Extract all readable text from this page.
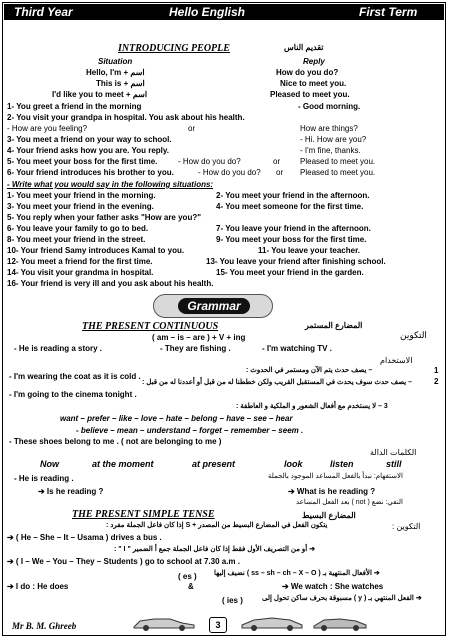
Third Year	Hello English	First Term
INTRODUCING PEOPLE	تقديم الناس
Situation	Reply
Hello, I'm + اسم	How do you do?
This is + اسم	Nice to meet you.
I'd like you to meet + اسم	Pleased to meet you.
1- You greet a friend in the morning	- Good morning.
2- You visit your grandpa in hospital. You ask about his health.
- How are you feeling?	or	How are things?
3- You meet a friend on your way to school.	- Hi. How are you?
4- Your friend asks how you are. You reply.	- I'm fine, thanks.
5- You meet your boss for the first time.	- How do you do?	or Pleased to meet you.
6- Your friend introduces his brother to you.	- How do you do? or Pleased to meet you.
- Write what you would say in the following situations:
1- You meet your friend in the morning.	2- You meet your friend in the afternoon.
3- You meet your friend in the evening.	4- You meet someone for the first time.
5- You reply when your father asks "How are you?"
6- You leave your family to go to bed.	7- You leave your friend in the afternoon.
8- You meet your friend in the street.	9- You meet your boss for the first time.
10- Your friend Samy introduces Kamal to you.	11- You leave your teacher.
12- You meet a friend for the first time.	13- You leave your friend after finishing school.
14- You visit your grandma in hospital.	15- You meet your friend in the garden.
16- Your friend is very ill and you ask about his health.
Grammar
THE PRESENT CONTINUOUS	المضارع المستمر
التكوين
( am – is – are ) + V + ing
- He is reading a story .	- They are fishing .	- I'm watching TV .
الاستخدام
1
– يصف حدث يتم الآن ومستمر في الحدوث :
- I'm wearing the coat as it is cold .
2
– يصف حدث سوف يحدث في المستقبل القريب ولكن خططنا له من قبل أو أعددنا له من قبل :
- I'm going to the cinema tonight .
3 – لا يستخدم مع أفعال الشعور و الملكية و العاطفة :
want – prefer – like – love – hate – belong – have – see – hear
- believe – mean – understand – forget – remember – seem .
- These shoes belong to me . ( not are belonging to me )
الكلمات الدالة
Now	at the moment	at present	look	listen	still
الاستفهام: نبدأ بالفعل المساعد الموجود بالجملة
- He is reading .
➔ Is he reading ?	➔ What is he reading ?
النفي: نضع ( not ) بعد الفعل المساعد
THE PRESENT SIMPLE TENSE	المضارع البسيط
التكوين :
يتكون الفعل في المضارع البسيط من المصدر + S إذا كان فاعل الجملة مفرد :
➔ ( He – She – It – Usama ) drives a bus .
➔ أو من التصريف الأول فقط إذا كان فاعل الجملة جمع أ الضمير " I " :
➔ ( I – We – You – They – Students ) go to school at 7.30 a.m .
➔ الأفعال المنتهية بـ ( ss – sh – ch – X – O ) نضيف إليها
( es )
➔ I do : He does	&	➔ We watch : She watches
➔ الفعل المنتهي بـ ( y ) مسبوقة بحرف ساكن تحول إلى
( ies )
Mr B. M. Ghreeb	3
